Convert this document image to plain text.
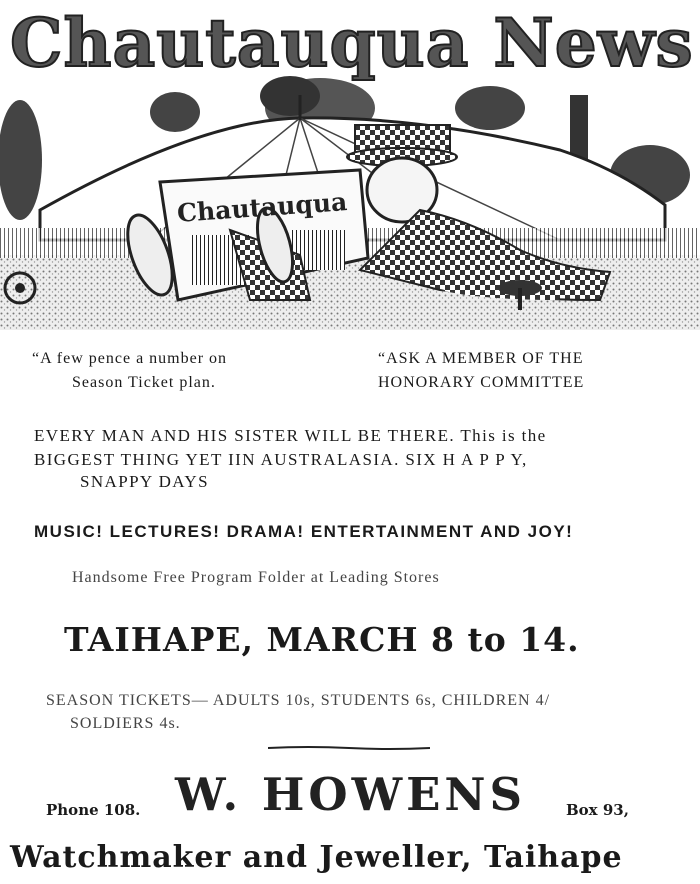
Chautauqua News
Chautauqua

“A few pence a number on

Season Ticket plan.

“ASK A MEMBER OF THE

HONORARY COMMITTEE

EVERY MAN AND HIS SISTER WILL BE THERE. This is the

BIGGEST THING YET IIN AUSTRALASIA. SIX H A P P Y,

SNAPPY DAYS

MUSIC! LECTURES! DRAMA! ENTERTAINMENT AND JOY!

Handsome Free Program Folder at Leading Stores

TAIHAPE, MARCH 8 to 14.

SEASON TICKETS— ADULTS 10s, STUDENTS 6s, CHILDREN 4/

SOLDIERS 4s.

Phone 108. W. HOWENS	Box 93,

Watchmaker and Jeweller, Taihape
